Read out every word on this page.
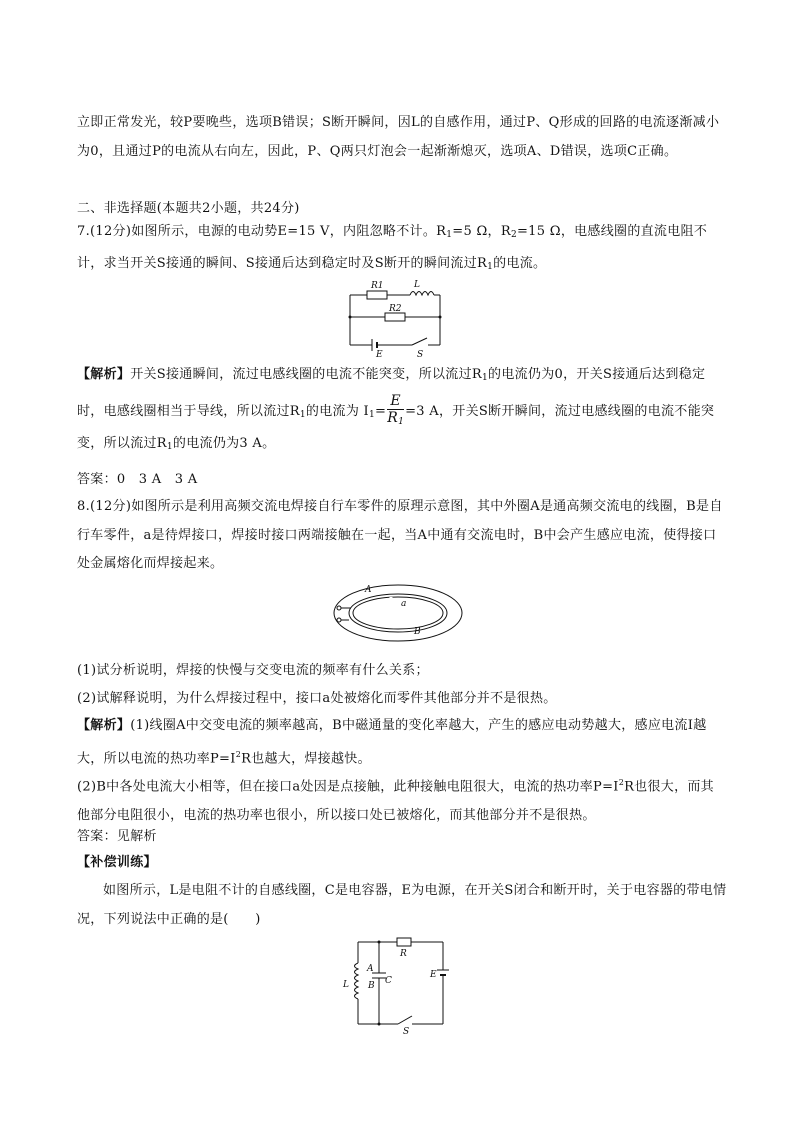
立即正常发光，较P要晚些，选项B错误；S断开瞬间，因L的自感作用，通过P、Q形成的回路的电流逐渐减小为0，且通过P的电流从右向左，因此，P、Q两只灯泡会一起渐渐熄灭，选项A、D错误，选项C正确。
二、非选择题(本题共2小题，共24分)
7.(12分)如图所示，电源的电动势E=15 V，内阻忽略不计。$R_1=5$ Ω，$R_2=15$ Ω，电感线圈的直流电阻不计，求当开关S接通的瞬间、S接通后达到稳定时及S断开的瞬间流过$R_1$的电流。
R1	L
R2
E	S
【解析】开关S接通瞬间，流过电感线圈的电流不能突变，所以流过$R_1$的电流仍为0，开关S接通后达到稳定时，电感线圈相当于导线，所以流过$R_1$的电流为 $I_1= \frac{E}{R_1} =3$ A，开关S断开瞬间，流过电感线圈的电流不能突变，所以流过$R_1$的电流仍为3 A。
答案：0　3 A　3 A
8.(12分)如图所示是利用高频交流电焊接自行车零件的原理示意图，其中外圈A是通高频交流电的线圈，B是自行车零件，a是待焊接口，焊接时接口两端接触在一起，当A中通有交流电时，B中会产生感应电流，使得接口处金属熔化而焊接起来。
A
a
B
(1)试分析说明，焊接的快慢与交变电流的频率有什么关系；
(2)试解释说明，为什么焊接过程中，接口a处被熔化而零件其他部分并不是很热。
【解析】(1)线圈A中交变电流的频率越高，B中磁通量的变化率越大，产生的感应电动势越大，感应电流I越大，所以电流的热功率$P=I^2R$也越大，焊接越快。
(2)B中各处电流大小相等，但在接口a处因是点接触，此种接触电阻很大，电流的热功率$P=I^2R$也很大，而其他部分电阻很小，电流的热功率也很小，所以接口处已被熔化，而其他部分并不是很热。
答案：见解析
【补偿训练】
如图所示，L是电阻不计的自感线圈，C是电容器，E为电源，在开关S闭合和断开时，关于电容器的带电情况，下列说法中正确的是(　　)
R
E
L
A
B C
S
